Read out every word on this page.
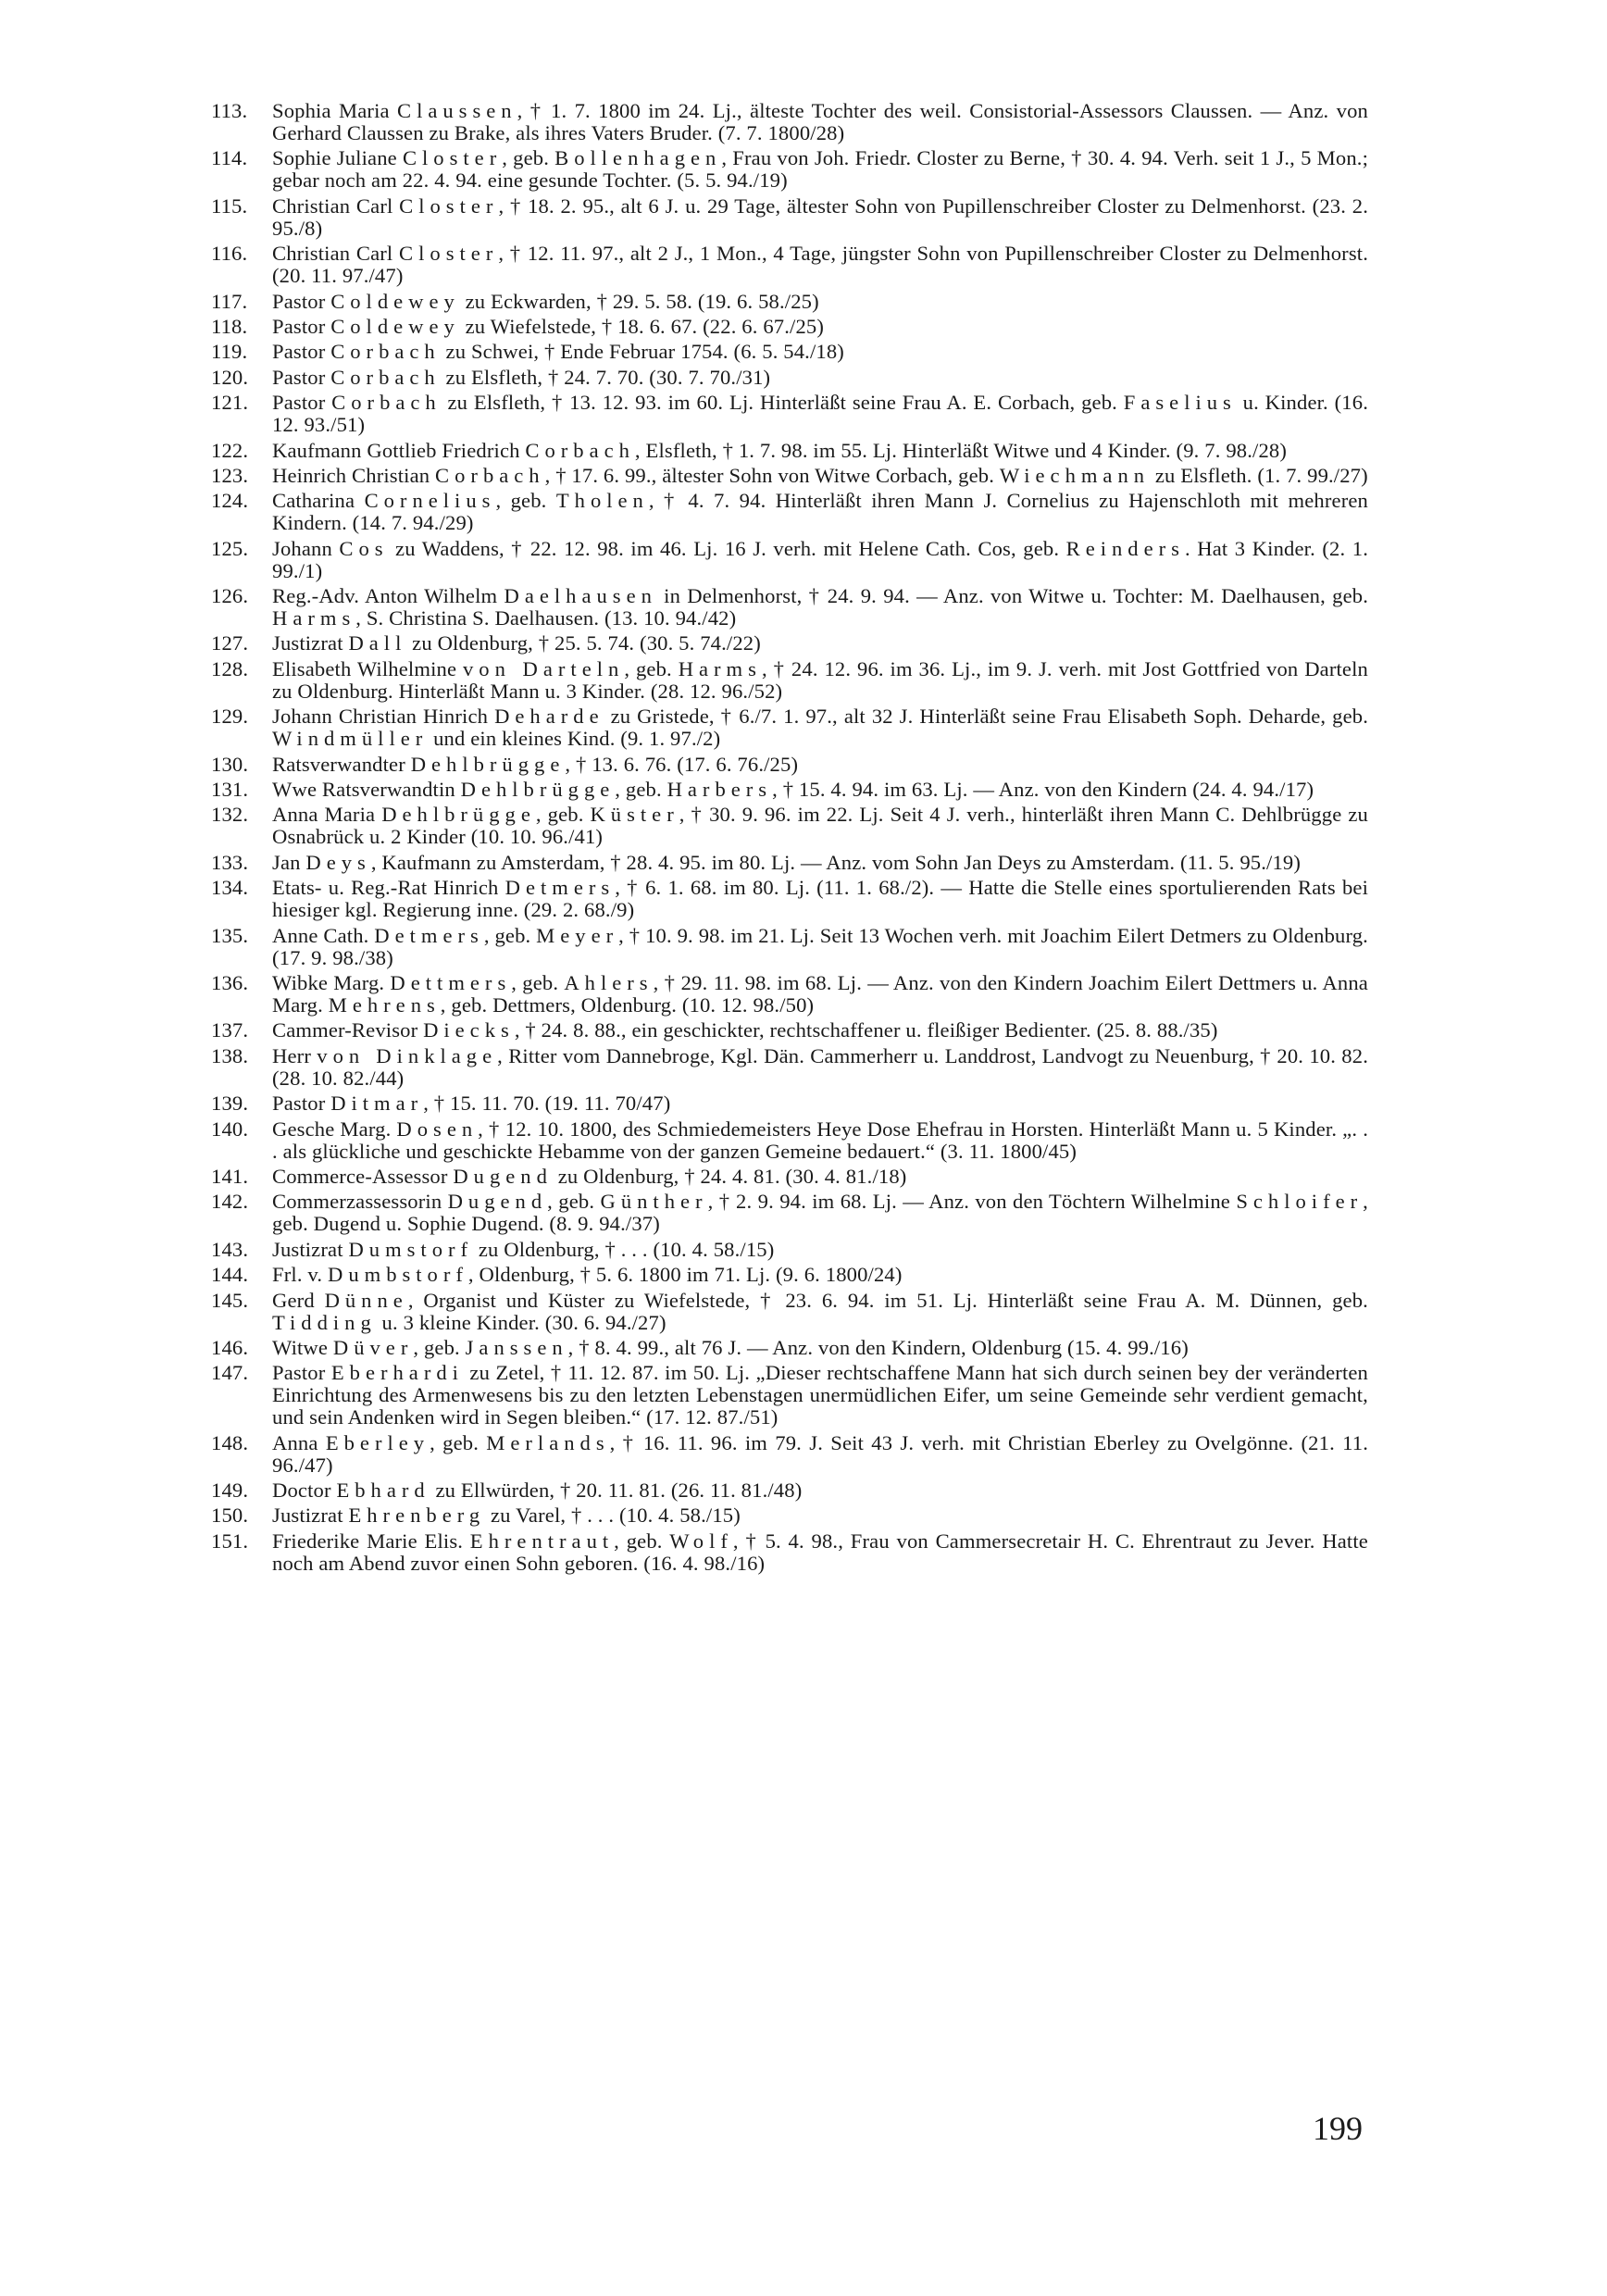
113.	Sophia Maria Claussen, † 1. 7. 1800 im 24. Lj., älteste Tochter des weil. Consistorial-Assessors Claussen. — Anz. von Gerhard Claussen zu Brake, als ihres Vaters Bruder. (7. 7. 1800/28)
114.	Sophie Juliane Closter, geb. Bollenhagen, Frau von Joh. Friedr. Closter zu Berne, † 30. 4. 94. Verh. seit 1 J., 5 Mon.; gebar noch am 22. 4. 94. eine gesunde Tochter. (5. 5. 94./19)
115.	Christian Carl Closter, † 18. 2. 95., alt 6 J. u. 29 Tage, ältester Sohn von Pupillenschreiber Closter zu Delmenhorst. (23. 2. 95./8)
116.	Christian Carl Closter, † 12. 11. 97., alt 2 J., 1 Mon., 4 Tage, jüngster Sohn von Pupillenschreiber Closter zu Delmenhorst. (20. 11. 97./47)
117.	Pastor Coldewey zu Eckwarden, † 29. 5. 58. (19. 6. 58./25)
118.	Pastor Coldewey zu Wiefelstede, † 18. 6. 67. (22. 6. 67./25)
119.	Pastor Corbach zu Schwei, † Ende Februar 1754. (6. 5. 54./18)
120.	Pastor Corbach zu Elsfleth, † 24. 7. 70. (30. 7. 70./31)
121.	Pastor Corbach zu Elsfleth, † 13. 12. 93. im 60. Lj. Hinterläßt seine Frau A. E. Corbach, geb. Faselius u. Kinder. (16. 12. 93./51)
122.	Kaufmann Gottlieb Friedrich Corbach, Elsfleth, † 1. 7. 98. im 55. Lj. Hinterläßt Witwe und 4 Kinder. (9. 7. 98./28)
123.	Heinrich Christian Corbach, † 17. 6. 99., ältester Sohn von Witwe Corbach, geb. Wiechmann zu Elsfleth. (1. 7. 99./27)
124.	Catharina Cornelius, geb. Tholen, † 4. 7. 94. Hinterläßt ihren Mann J. Cornelius zu Hajenschloth mit mehreren Kindern. (14. 7. 94./29)
125.	Johann Cos zu Waddens, † 22. 12. 98. im 46. Lj. 16 J. verh. mit Helene Cath. Cos, geb. Reinders. Hat 3 Kinder. (2. 1. 99./1)
126.	Reg.-Adv. Anton Wilhelm Daelhausen in Delmenhorst, † 24. 9. 94. — Anz. von Witwe u. Tochter: M. Daelhausen, geb. Harms, S. Christina S. Daelhausen. (13. 10. 94./42)
127.	Justizrat Dall zu Oldenburg, † 25. 5. 74. (30. 5. 74./22)
128.	Elisabeth Wilhelmine von Darteln, geb. Harms, † 24. 12. 96. im 36. Lj., im 9. J. verh. mit Jost Gottfried von Darteln zu Oldenburg. Hinterläßt Mann u. 3 Kinder. (28. 12. 96./52)
129.	Johann Christian Hinrich Deharde zu Gristede, † 6./7. 1. 97., alt 32 J. Hinterläßt seine Frau Elisabeth Soph. Deharde, geb. Windmüller und ein kleines Kind. (9. 1. 97./2)
130.	Ratsverwandter Dehlbrügge, † 13. 6. 76. (17. 6. 76./25)
131.	Wwe Ratsverwandtin Dehlbrügge, geb. Harbers, † 15. 4. 94. im 63. Lj. — Anz. von den Kindern (24. 4. 94./17)
132.	Anna Maria Dehlbrügge, geb. Küster, † 30. 9. 96. im 22. Lj. Seit 4 J. verh., hinterläßt ihren Mann C. Dehlbrügge zu Osnabrück u. 2 Kinder (10. 10. 96./41)
133.	Jan Deys, Kaufmann zu Amsterdam, † 28. 4. 95. im 80. Lj. — Anz. vom Sohn Jan Deys zu Amsterdam. (11. 5. 95./19)
134.	Etats- u. Reg.-Rat Hinrich Detmers, † 6. 1. 68. im 80. Lj. (11. 1. 68./2). — Hatte die Stelle eines sportulierenden Rats bei hiesiger kgl. Regierung inne. (29. 2. 68./9)
135.	Anne Cath. Detmers, geb. Meyer, † 10. 9. 98. im 21. Lj. Seit 13 Wochen verh. mit Joachim Eilert Detmers zu Oldenburg. (17. 9. 98./38)
136.	Wibke Marg. Dettmers, geb. Ahlers, † 29. 11. 98. im 68. Lj. — Anz. von den Kindern Joachim Eilert Dettmers u. Anna Marg. Mehrens, geb. Dettmers, Oldenburg. (10. 12. 98./50)
137.	Cammer-Revisor Diecks, † 24. 8. 88., ein geschickter, rechtschaffener u. fleißiger Bedienter. (25. 8. 88./35)
138.	Herr von Dinklage, Ritter vom Dannebroge, Kgl. Dän. Cammerherr u. Landdrost, Landvogt zu Neuenburg, † 20. 10. 82. (28. 10. 82./44)
139.	Pastor Ditmar, † 15. 11. 70. (19. 11. 70/47)
140.	Gesche Marg. Dosen, † 12. 10. 1800, des Schmiedemeisters Heye Dose Ehefrau in Horsten. Hinterläßt Mann u. 5 Kinder. „. . . als glückliche und geschickte Hebamme von der ganzen Gemeine bedauert.“ (3. 11. 1800/45)
141.	Commerce-Assessor Dugend zu Oldenburg, † 24. 4. 81. (30. 4. 81./18)
142.	Commerzassessorin Dugend, geb. Günther, † 2. 9. 94. im 68. Lj. — Anz. von den Töchtern Wilhelmine Schloifer, geb. Dugend u. Sophie Dugend. (8. 9. 94./37)
143.	Justizrat Dumstorf zu Oldenburg, † . . . (10. 4. 58./15)
144.	Frl. v. Dumbstorf, Oldenburg, † 5. 6. 1800 im 71. Lj. (9. 6. 1800/24)
145.	Gerd Dünne, Organist und Küster zu Wiefelstede, † 23. 6. 94. im 51. Lj. Hinterläßt seine Frau A. M. Dünnen, geb. Tidding u. 3 kleine Kinder. (30. 6. 94./27)
146.	Witwe Düver, geb. Janssen, † 8. 4. 99., alt 76 J. — Anz. von den Kindern, Oldenburg (15. 4. 99./16)
147.	Pastor Eberhardi zu Zetel, † 11. 12. 87. im 50. Lj. „Dieser rechtschaffene Mann hat sich durch seinen bey der veränderten Einrichtung des Armenwesens bis zu den letzten Lebenstagen unermüdlichen Eifer, um seine Gemeinde sehr verdient gemacht, und sein Andenken wird in Segen bleiben.“ (17. 12. 87./51)
148.	Anna Eberley, geb. Merlands, † 16. 11. 96. im 79. J. Seit 43 J. verh. mit Christian Eberley zu Ovelgönne. (21. 11. 96./47)
149.	Doctor Ebhard zu Ellwürden, † 20. 11. 81. (26. 11. 81./48)
150.	Justizrat Ehrenberg zu Varel, † . . . (10. 4. 58./15)
151.	Friederike Marie Elis. Ehrentraut, geb. Wolf, † 5. 4. 98., Frau von Cammersecretair H. C. Ehrentraut zu Jever. Hatte noch am Abend zuvor einen Sohn geboren. (16. 4. 98./16)
199
